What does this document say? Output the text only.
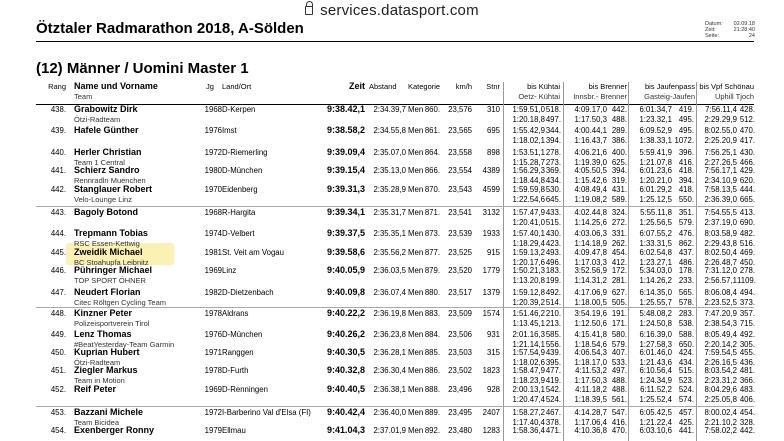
services.datasport.com
Ötztaler Radmarathon 2018, A-Sölden	Datum: 02.09.18
Zeit:	21:28:40
Seite:	24
(12) Männer / Uomini Master 1
Rang Name und Vorname
Team
Jg Land/Ort	Zeit Abstand Kategorie	km/h	Stnr	bis Kühtai
Oetz- Kühtai
bis Brenner
Innsbr.- Brenner
bis Jaufenpass
Gasteig-Jaufen
bis Vpf Schönau
Uphill Tjoch
438.	1968 D-Kerpen	9:38.42,1	2:34.39,7 Men 860.	23,576	310	1:59.51,0 518.	4:09.17,0 442.	6:01.34,7 419.	7:56.11,4 428.
Grabowitz Dirk
Ötzi-Radteam	1:20.18,8 497.	1:17.50,3 488.	1:23.32,1 495.	2:29.29,9 512.
439.	1976 Imst	9:38.58,2	2:34.55,8 Men 861.	23,565	695	1:55.42,9 344.	4:00.44,1 289.	6:09.52,9 495.	8:02.55,0 470.
Hafele Günther
1:18.02,1 394.	1:16.43,7 386.	1:38.33,1 1072.	2:25.20,9 417.
440.	1972 D-Riemerling	9:39.09,4	2:35.07,0 Men 864.	23,558	898	1:53.51,1 278.	4:06.21,6 400.	5:59.41,9 396.	7:56.25,1 430.
Herler Christian
Team 1 Central	1:15.28,7 273.	1:19.39,0 625.	1:21.07,8 416.	2:27.26,5 466.
441.	1980 D-München	9:39.15,4	2:35.13,0 Men 866.	23,554	4389	1:56.29,3 369.	4:05.50,5 394.	6:01.23,6 418.	7:56.17,1 429.
Schierz Sandro
Rennradln Muenchen	1:18.44,8 434.	1:15.42,6 319.	1:20.21,0 394.	2:34.10,9 620.
442.	1970 Eidenberg	9:39.31,3	2:35.28,9 Men 870.	23,543	4599	1:59.59,8 530.	4:08.49,4 431.	6:01.29,2 418.	7:58.13,5 444.
Stanglauer Robert
Velo-Lounge Linz	1:22.54,6 645.	1:19.08,2 589.	1:25.12,5 550.	2:36.39,0 665.
443.	1968 R-Hargita	9:39.34,1	2:35.31,7 Men 871.	23,541	3132	1:57.47,9 433.	4:02.44,8 324.	5:55.11,8 351.	7:54.55,5 413.
Bagoly Botond
1:20.41,0 515.	1:14.25,6 272.	1:25.56,5 579.	2:37.19,0 690.
444.	1974 D-Velbert	9:39.37,5	2:35.35,1 Men 873.	23,539	1933	1:57.40,1 430.	4:03.06,3 331.	6:07.55,2 476.	8:03.58,9 482.
Trepmann Tobias
RSC Essen-Kettwig	1:18.29,4 423.	1:14.18,9 262.	1:33.31,5 862.	2:29.43,8 516.
445.	1981 St. Veit am Vogau	9:39.58,6	2:35.56,2 Men 877.	23,525	915	1:59.13,2 493.	4:09.47,8 454.	6:02.54,8 437.	8:02.50,4 469.
Zweidik Michael
BC Stoahupfa Leibnitz	1:20.17,6 496.	1:17.03,3 412.	1:23.27,1 486.	2:26.48,7 450.
446.	1969 Linz	9:40.05,9	2:36.03,5 Men 879.	23,520	1779	1:50.21,3 183.	3:52.56,9 172.	5:34.03,0 178.	7:31.12,0 278.
Pühringer Michael
TOP SPORT ÖHNER	1:13.20,8 199.	1:14.31,2 281.	1:14.26,2 233.	2:56.57,1 1109.
447.	1982 D-Dietzenbach	9:40.09,8	2:36.07,4 Men 880.	23,517	1379	1:59.12,8 492.	4:17.06,9 627.	6:14.35,0 565.	8:06.08,4 494.
Neudert Florian
Citec Röltgen Cycling Team	1:20.39,2 514.	1:18.00,5 505.	1:25.55,7 578.	2:23.52,5 373.
448.	1978 Aldrans	9:40.22,2	2:36.19,8 Men 883.	23,509	1574	1:51.46,2 210.	3:54.19,6 191.	5:48.08,2 283.	7:47.20,9 357.
Kinzner Peter
Polizeisportverein Tirol	1:13.45,1 213.	1:12.50,6 171.	1:24.50,8 538.	2:38.54,3 715.
449.	1976 D-München	9:40.26,2	2:36.23,8 Men 884.	23,506	931	2:01.16,3 585.	4:15.41,8 580.	6:16.39,0 588.	8:05.49,4 492.
Lenz Thomas
#BeatYesterday-Team Garmin	1:21.14,1 556.	1:18.54,6 579.	1:27.58,3 650.	2:20.14,2 305.
450.	1971 Ranggen	9:40.30,5	2:36.28,1 Men 885.	23,503	315	1:57.54,9 439.	4:06.54,3 407.	6:01.46,0 424.	7:59.54,5 455.
Kuprian Hubert
Ötzi-Radteam	1:18.02,6 395.	1:18.17,0 533.	1:21.43,6 434.	2:26.16,5 436.
451.	1978 D-Furth	9:40.32,8	2:36.30,4 Men 886.	23,502	1823	1:58.47,9 477.	4:11.53,2 497.	6:10.56,4 515.	8:03.54,2 481.
Ziegler Markus
Team in Motion	1:18.23,9 419.	1:17.50,3 488.	1:24.34,9 523.	2:23.31,2 366.
452.	1969 D-Renningen	9:40.40,5	2:36.38,1 Men 888.	23,496	928	2:00.13,1 542.	4:11.18,2 488.	6:11.52,2 524.	8:04.29,6 483.
Reif Peter
1:20.47,4 524.	1:18.39,5 561.	1:25.52,4 574.	2:25.05,8 406.
453.	1972 I-Barberino Val d'Elsa (FI)	9:40.42,4	2:36.40,0 Men 889.	23,495	2407	1:58.27,2 467.	4:14.28,7 547.	6:05.42,5 457.	8:00.02,4 454.
Bazzani Michele
Team Bicidea	1:17.40,4 378.	1:17.06,4 416.	1:21.22,4 425.	2:21.10,2 328.
454.	1979 Ellmau	9:41.04,3	2:37.01,9 Men 892.	23,480	1283	1:58.36,4 471.	4:10.36,8 470.	6:03.10,6 441.	7:58.02,2 442.
Exenberger Ronny
